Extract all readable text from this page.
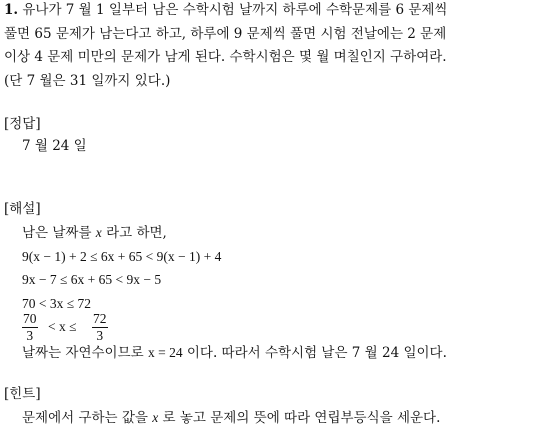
1. 유나가 7 월 1 일부터 남은 수학시험 날까지 하루에 수학문제를 6 문제씩
풀면 65 문제가 남는다고 하고, 하루에 9 문제씩 풀면 시험 전날에는 2 문제
이상 4 문제 미만의 문제가 남게 된다. 수학시험은 몇 월 며칠인지 구하여라.
(단 7 월은 31 일까지 있다.)
[정답]
7 월 24 일
[해설]
남은 날짜를 x 라고 하면,
9(x − 1) + 2 ≤ 6x + 65 < 9(x − 1) + 4
9x − 7 ≤ 6x + 65 < 9x − 5
70 < 3x ≤ 72
70
3
< x ≤
72
3
날짜는 자연수이므로 x = 24 이다. 따라서 수학시험 날은 7 월 24 일이다.
[힌트]
문제에서 구하는 값을 x 로 놓고 문제의 뜻에 따라 연립부등식을 세운다.
